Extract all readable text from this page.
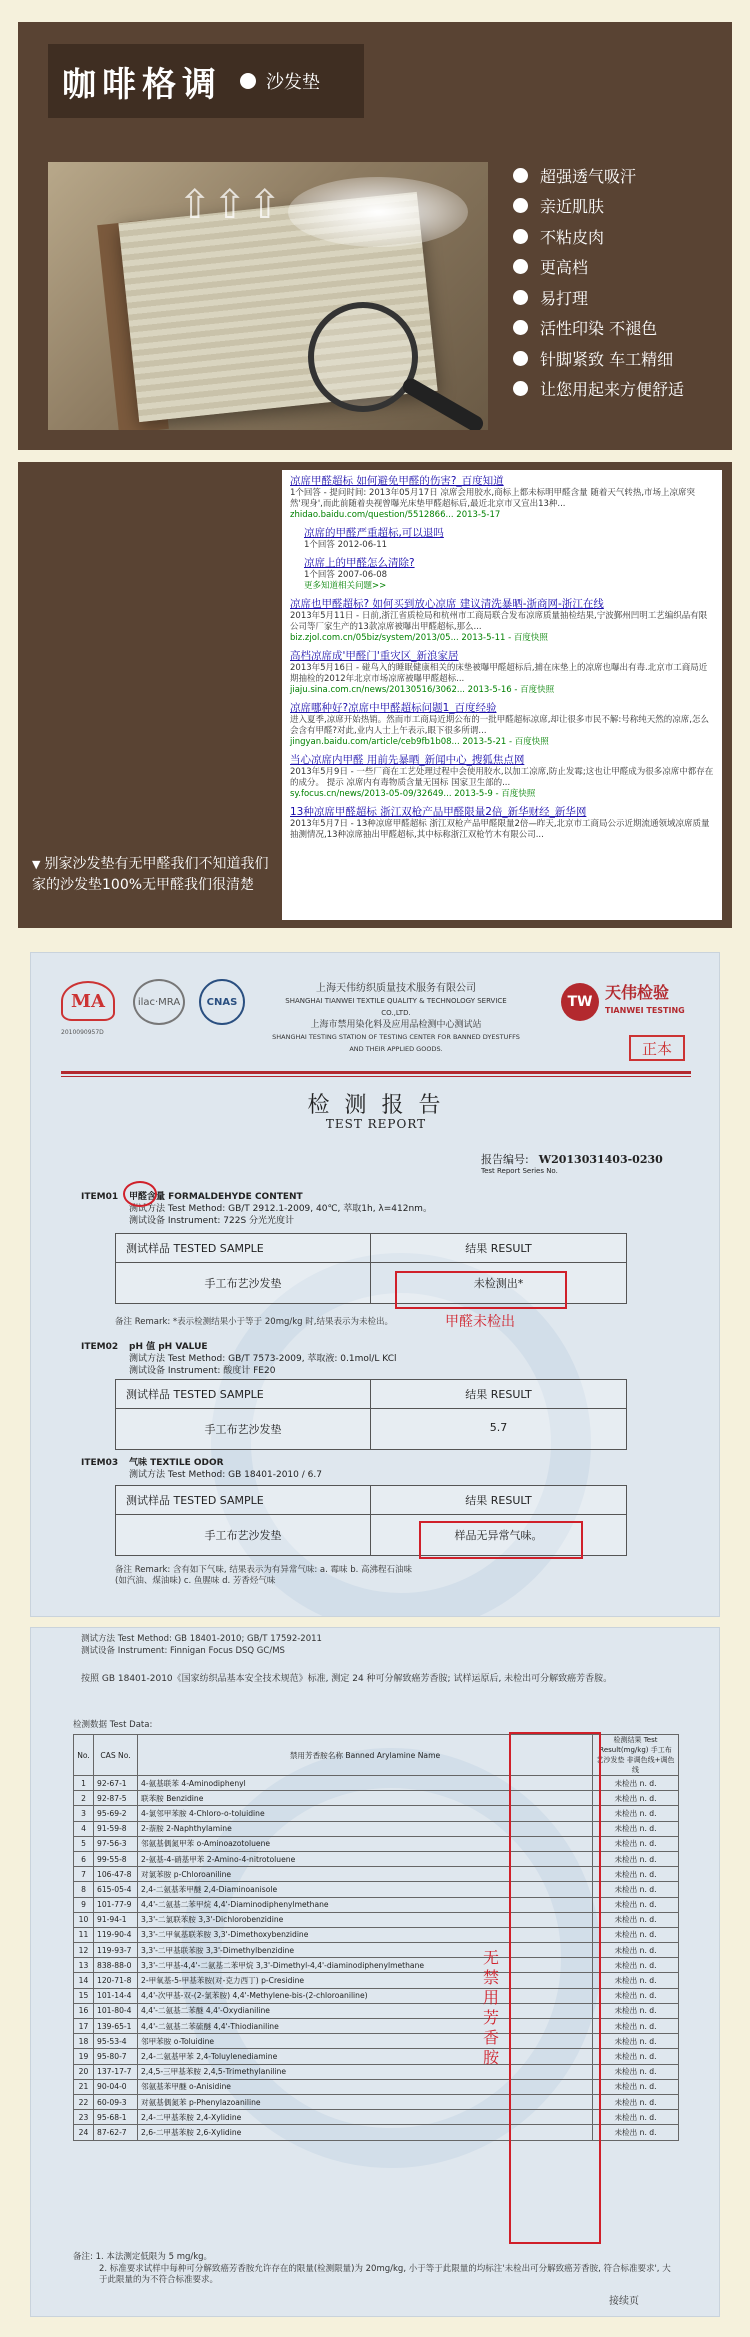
咖啡格调 沙发垫
⇧ ⇧ ⇧
超强透气吸汗
亲近肌肤
不粘皮肉
更高档
易打理
活性印染 不褪色
针脚紧致 车工精细
让您用起来方便舒适
▼ 别家沙发垫有无甲醛我们不知道我们家的沙发垫100%无甲醛我们很清楚
凉席甲醛超标 如何避免甲醛的伤害?_百度知道
1个回答 - 提问时间: 2013年05月17日 凉席会用胶水,商标上都未标明甲醛含量 随着天气转热,市场上凉席突然'现身',而此前随着央视曾曝光床垫甲醛超标后,最近北京市又宣出13种...
zhidao.baidu.com/question/5512866... 2013-5-17
凉席的甲醛严重超标,可以退吗
1个回答 2012-06-11
凉席上的甲醛怎么清除?
1个回答 2007-06-08
更多知道相关问题>>
凉席也甲醛超标? 如何买到放心凉席 建议清洗暴晒-浙商网-浙江在线
2013年5月11日 - 日前,浙江省质检局和杭州市工商局联合发布凉席质量抽检结果,宁波鄞州凹明工艺编织品有限公司等厂家生产的13款凉席被曝出甲醛超标,那么...
biz.zjol.com.cn/05biz/system/2013/05... 2013-5-11 - 百度快照
高档凉席成'甲醛门'重灾区_新浪家居
2013年5月16日 - 碰鸟入的睡眠健康相关的床垫被曝甲醛超标后,捕在床垫上的凉席也曝出有毒.北京市工商局近期抽检的2012年北京市场凉席被曝甲醛超标...
jiaju.sina.com.cn/news/20130516/3062... 2013-5-16 - 百度快照
凉席哪种好?凉席中甲醛超标问题1_百度经验
进入夏季,凉席开始热销。然而市工商局近期公布的一批甲醛超标凉席,却让很多市民不解:号称纯天然的凉席,怎么会含有甲醛?对此,业内人士上午表示,眼下很多所谓...
jingyan.baidu.com/article/ceb9fb1b08... 2013-5-21 - 百度快照
当心凉席内甲醛 用前先暴晒_新闻中心_搜狐焦点网
2013年5月9日 - 一些厂商在工艺处理过程中会使用胶水,以加工凉席,防止发霉;这也让甲醛成为很多凉席中都存在的成分。 提示 凉席内有毒物质含量无国标 国家卫生部的...
sy.focus.cn/news/2013-05-09/32649... 2013-5-9 - 百度快照
13种凉席甲醛超标 浙江双枪产品甲醛限量2倍_新华财经_新华网
2013年5月7日 - 13种凉席甲醛超标 浙江双枪产品甲醛限量2倍—昨天,北京市工商局公示近期流通领域凉席质量抽测情况,13种凉席抽出甲醛超标,其中标称浙江双枪竹木有限公司...
MA
2010090957D
ilac·MRA	CNAS
上海天伟纺织质量技术服务有限公司
SHANGHAI TIANWEI TEXTILE QUALITY & TECHNOLOGY SERVICE CO.,LTD.
上海市禁用染化料及应用品检测中心测试站
SHANGHAI TESTING STATION OF TESTING CENTER FOR BANNED DYESTUFFS AND THEIR APPLIED GOODS.
TW 天伟检验
TIANWEI TESTING
正本
检 测 报 告
TEST REPORT
报告编号: W2013031403-0230
Test Report Series No.
ITEM01 甲醛含量 FORMALDEHYDE CONTENT
测试方法 Test Method: GB/T 2912.1-2009, 40℃, 萃取1h, λ=412nm。
测试设备 Instrument: 722S 分光光度计
测试样品 TESTED SAMPLE	结果 RESULT
手工布艺沙发垫	未检测出*
备注 Remark: *表示检测结果小于等于 20mg/kg 时,结果表示为未检出。	甲醛未检出
ITEM02 pH 值 pH VALUE
测试方法 Test Method: GB/T 7573-2009, 萃取液: 0.1mol/L KCl
测试设备 Instrument: 酸度计 FE20
测试样品 TESTED SAMPLE	结果 RESULT
手工布艺沙发垫	5.7
ITEM03 气味 TEXTILE ODOR
测试方法 Test Method: GB 18401-2010 / 6.7
测试样品 TESTED SAMPLE	结果 RESULT
手工布艺沙发垫	样品无异常气味。
备注 Remark: 含有如下气味, 结果表示为有异常气味: a. 霉味 b. 高沸程石油味(如汽油、煤油味) c. 鱼腥味 d. 芳香烃气味
测试方法 Test Method: GB 18401-2010; GB/T 17592-2011
测试设备 Instrument: Finnigan Focus DSQ GC/MS
按照 GB 18401-2010《国家纺织品基本安全技术规范》标准, 测定 24 种可分解致癌芳香胺; 试样运原后, 未检出可分解致癌芳香胺。
检测数据 Test Data:
No.	CAS No.	禁用芳香胺名称 Banned Arylamine Name	检测结果 Test Result(mg/kg) 手工布艺沙发垫 非调色线+调色线
1	92-67-1	4-氨基联苯 4-Aminodiphenyl	未检出 n. d.
2	92-87-5	联苯胺 Benzidine	未检出 n. d.
3	95-69-2	4-氯邻甲苯胺 4-Chloro-o-toluidine	未检出 n. d.
4	91-59-8	2-萘胺 2-Naphthylamine	未检出 n. d.
5	97-56-3	邻氨基偶氮甲苯 o-Aminoazotoluene	未检出 n. d.
6	99-55-8	2-氨基-4-硝基甲苯 2-Amino-4-nitrotoluene	未检出 n. d.
7	106-47-8	对氯苯胺 p-Chloroaniline	未检出 n. d.
8	615-05-4	2,4-二氨基苯甲醚 2,4-Diaminoanisole	未检出 n. d.
9	101-77-9	4,4'-二氨基二苯甲烷 4,4'-Diaminodiphenylmethane	未检出 n. d.
10	91-94-1	3,3'-二氯联苯胺 3,3'-Dichlorobenzidine	未检出 n. d.
11	119-90-4	3,3'-二甲氧基联苯胺 3,3'-Dimethoxybenzidine	未检出 n. d.
12	119-93-7	3,3'-二甲基联苯胺 3,3'-Dimethylbenzidine	未检出 n. d.
13	838-88-0	3,3'-二甲基-4,4'-二氨基二苯甲烷 3,3'-Dimethyl-4,4'-diaminodiphenylmethane	未检出 n. d.
14	120-71-8	2-甲氧基-5-甲基苯胺(对-克力西丁) p-Cresidine	未检出 n. d.
15	101-14-4	4,4'-次甲基-双-(2-氯苯胺) 4,4'-Methylene-bis-(2-chloroaniline)	未检出 n. d.
16	101-80-4	4,4'-二氨基二苯醚 4,4'-Oxydianiline	未检出 n. d.
17	139-65-1	4,4'-二氨基二苯硫醚 4,4'-Thiodianiline	未检出 n. d.
18	95-53-4	邻甲苯胺 o-Toluidine	未检出 n. d.
19	95-80-7	2,4-二氨基甲苯 2,4-Toluylenediamine	未检出 n. d.
20	137-17-7	2,4,5-三甲基苯胺 2,4,5-Trimethylaniline	未检出 n. d.
21	90-04-0	邻氨基苯甲醚 o-Anisidine	未检出 n. d.
22	60-09-3	对氨基偶氮苯 p-Phenylazoaniline	未检出 n. d.
23	95-68-1	2,4-二甲基苯胺 2,4-Xylidine	未检出 n. d.
24	87-62-7	2,6-二甲基苯胺 2,6-Xylidine	未检出 n. d.
无禁用芳香胺
备注: 1. 本法测定低限为 5 mg/kg。
2. 标准要求试样中每种可分解致癌芳香胺允许存在的限量(检测限量)为 20mg/kg, 小于等于此限量的均标注'未检出可分解致癌芳香胺, 符合标准要求', 大于此限量的为不符合标准要求。
接续页
